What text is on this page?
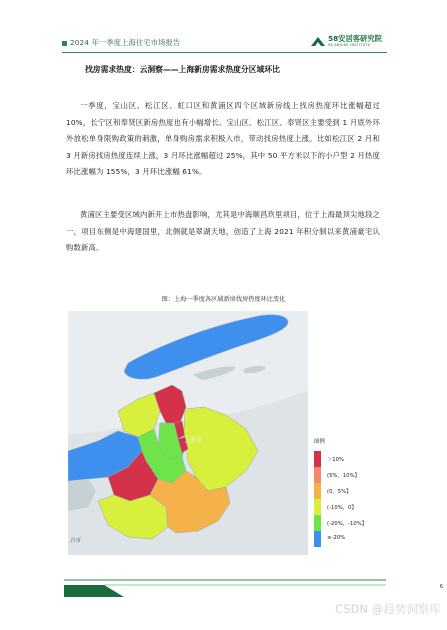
2024 年一季度上海住宅市场报告	58安居客研究院
58 ANJUKE INSTITUTE
找房需求热度：云洞察——上海新房需求热度分区域环比
一季度，宝山区、松江区、虹口区和黄浦区四个区域新房线上找房热度环比涨幅超过 10%，长宁区和奉贤区新房热度也有小幅增长。宝山区、松江区、奉贤区主要受到 1 月底外环外放松单身限购政策的刺激，单身购房需求积极入市，带动找房热度上涨。比如松江区 2 月和 3 月新房找房热度连续上涨，3 月环比涨幅超过 25%，其中 50 平方米以下的小户型 2 月热度环比涨幅为 155%，3 月环比涨幅 61%。
黄浦区主要受区域内新开上市热盘影响，尤其是中海顺昌玖里项目，位于上海最顶尖地段之一，项目东侧是中海建国里，北侧就是翠湖天地，创造了上海 2021 年积分制以来黄浦豪宅认购数新高。
图：上海一季度各区域新房找房热度环比变化
上海市
兴市
图例
＞10%
(5%，10%】
(0，5%】
(-10%，0】
(-20%，-10%】
≤-20%
6
CSDN @趋势洞察库
